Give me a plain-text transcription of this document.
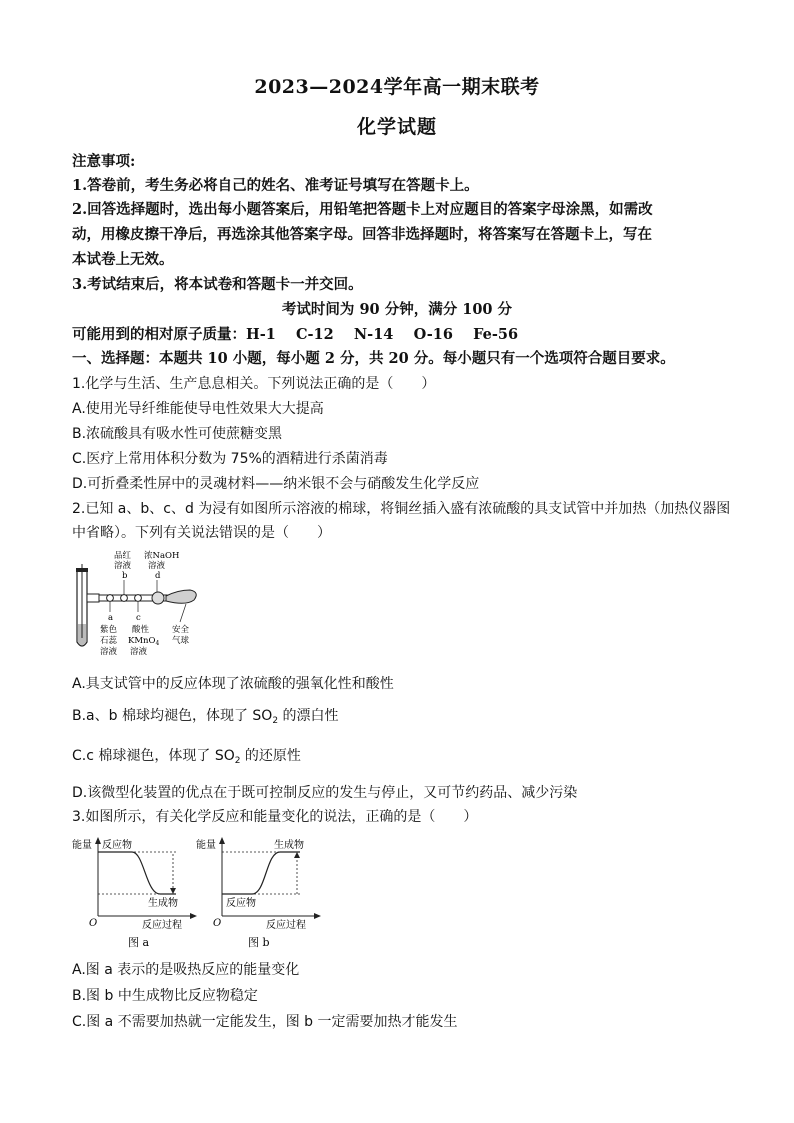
2023—2024学年高一期末联考
化学试题
注意事项:
1.答卷前，考生务必将自己的姓名、准考证号填写在答题卡上。
2.回答选择题时，选出每小题答案后，用铅笔把答题卡上对应题目的答案字母涂黑，如需改
动，用橡皮擦干净后，再选涂其他答案字母。回答非选择题时，将答案写在答题卡上，写在
本试卷上无效。
3.考试结束后，将本试卷和答题卡一并交回。
考试时间为 90 分钟，满分 100 分
可能用到的相对原子质量：H-1    C-12    N-14    O-16    Fe-56
一、选择题：本题共 10 小题，每小题 2 分，共 20 分。每小题只有一个选项符合题目要求。
1.化学与生活、生产息息相关。下列说法正确的是（　　）
A.使用光导纤维能使导电性效果大大提高
B.浓硫酸具有吸水性可使蔗糖变黑
C.医疗上常用体积分数为 75%的酒精进行杀菌消毒
D.可折叠柔性屏中的灵魂材料——纳米银不会与硝酸发生化学反应
2.已知 a、b、c、d 为浸有如图所示溶液的棉球，将铜丝插入盛有浓硫酸的具支试管中并加热（加热仪器图
中省略）。下列有关说法错误的是（　　）
品红
溶液
b
浓NaOH
溶液
d
a
紫色
石蕊
溶液
c
酸性
KMnO$_4$
溶液
安全
气球
A.具支试管中的反应体现了浓硫酸的强氧化性和酸性
B.a、b 棉球均褪色，体现了 $SO_2$ 的漂白性
C.c 棉球褪色，体现了 $SO_2$ 的还原性
D.该微型化装置的优点在于既可控制反应的发生与停止，又可节约药品、减少污染
3.如图所示，有关化学反应和能量变化的说法，正确的是（　　）
能量 反应物
生成物
O	反应过程
图 a
能量	生成物
反应物
O	反应过程
图 b
A.图 a 表示的是吸热反应的能量变化
B.图 b 中生成物比反应物稳定
C.图 a 不需要加热就一定能发生，图 b 一定需要加热才能发生
